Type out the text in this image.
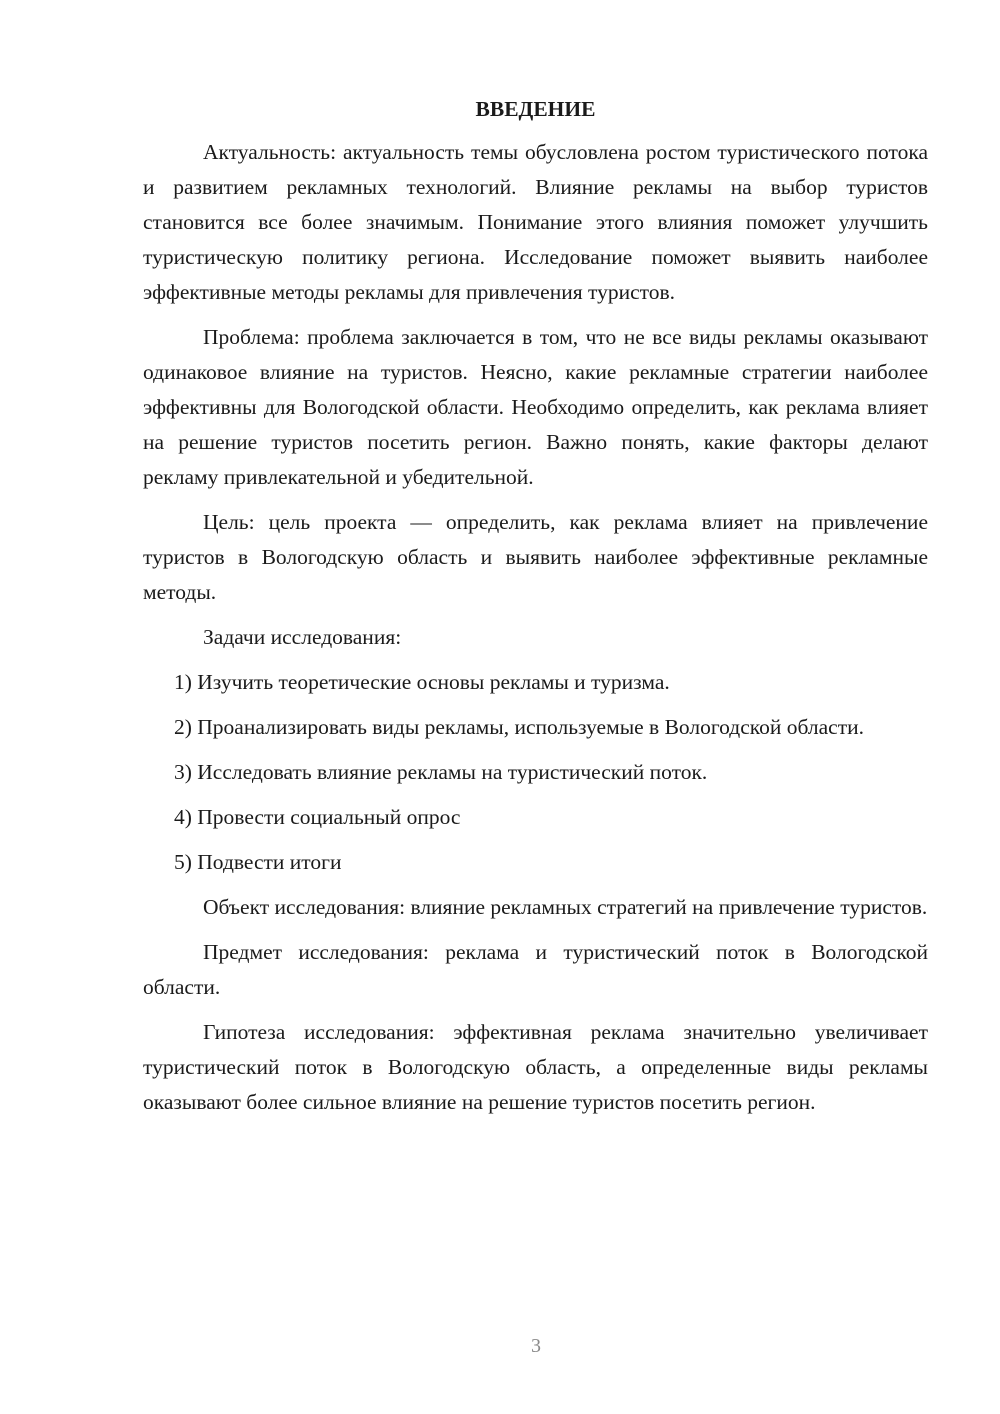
ВВЕДЕНИЕ

Актуальность: актуальность темы обусловлена ростом туристического потока и развитием рекламных технологий. Влияние рекламы на выбор туристов становится все более значимым. Понимание этого влияния поможет улучшить туристическую политику региона. Исследование поможет выявить наиболее эффективные методы рекламы для привлечения туристов.

Проблема: проблема заключается в том, что не все виды рекламы оказывают одинаковое влияние на туристов. Неясно, какие рекламные стратегии наиболее эффективны для Вологодской области. Необходимо определить, как реклама влияет на решение туристов посетить регион. Важно понять, какие факторы делают рекламу привлекательной и убедительной.

Цель: цель проекта — определить, как реклама влияет на привлечение туристов в Вологодскую область и выявить наиболее эффективные рекламные методы.

Задачи исследования:

1) Изучить теоретические основы рекламы и туризма.

2) Проанализировать виды рекламы, используемые в Вологодской области.

3) Исследовать влияние рекламы на туристический поток.

4) Провести социальный опрос

5) Подвести итоги

Объект исследования: влияние рекламных стратегий на привлечение туристов.

Предмет исследования: реклама и туристический поток в Вологодской области.

Гипотеза исследования: эффективная реклама значительно увеличивает туристический поток в Вологодскую область, а определенные виды рекламы оказывают более сильное влияние на решение туристов посетить регион.

3
